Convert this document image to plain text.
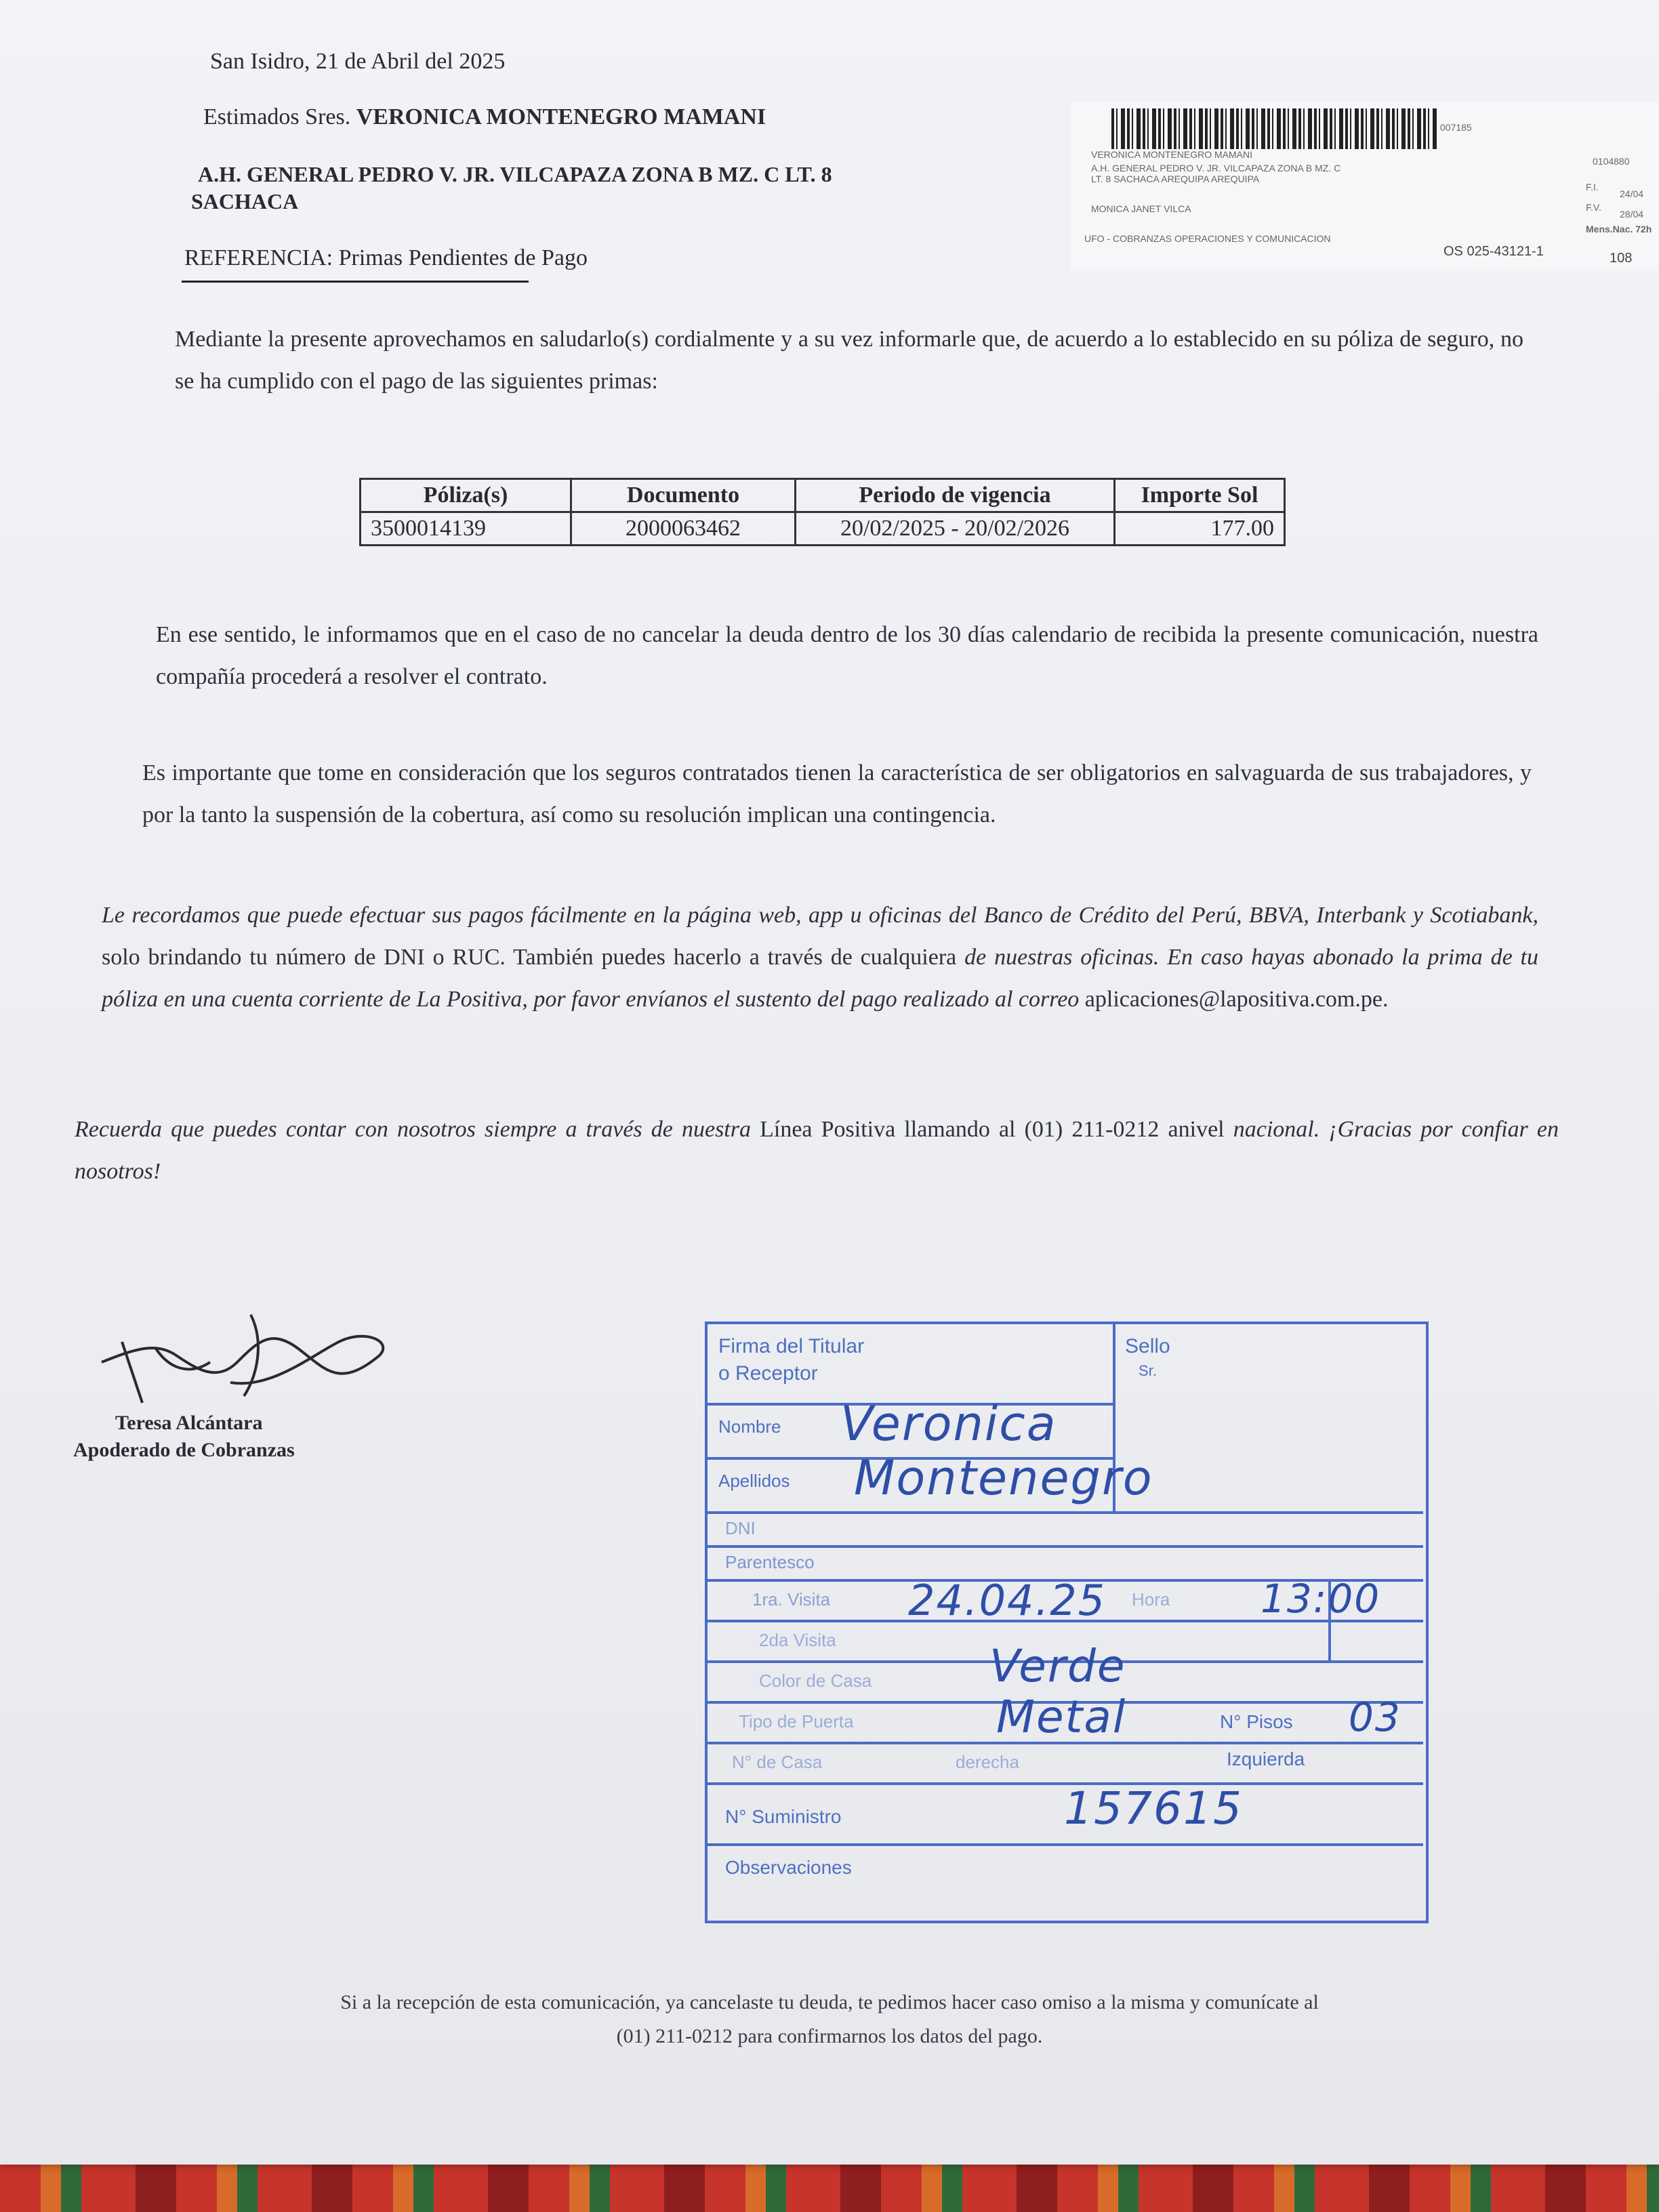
San Isidro, 21 de Abril del 2025
Estimados Sres. VERONICA MONTENEGRO MAMANI
A.H. GENERAL PEDRO V. JR. VILCAPAZA ZONA B MZ. C LT. 8
SACHACA
REFERENCIA: Primas Pendientes de Pago
007185
VERONICA MONTENEGRO MAMANI
0104880
A.H. GENERAL PEDRO V. JR. VILCAPAZA ZONA B MZ. C
LT. 8 SACHACA AREQUIPA AREQUIPA
F.I.
24/04
MONICA JANET VILCA	F.V.
28/04
Mens.Nac. 72h
UFO - COBRANZAS OPERACIONES Y COMUNICACION
OS 025-43121-1	108
Mediante la presente aprovechamos en saludarlo(s) cordialmente y a su vez informarle que, de acuerdo a lo establecido en su póliza de seguro, no se ha cumplido con el pago de las siguientes primas:
Póliza(s)	Documento	Periodo de vigencia	Importe Sol
3500014139	2000063462	20/02/2025 - 20/02/2026	177.00
En ese sentido, le informamos que en el caso de no cancelar la deuda dentro de los 30 días calendario de recibida la presente comunicación, nuestra compañía procederá a resolver el contrato.
Es importante que tome en consideración que los seguros contratados tienen la característica de ser obligatorios en salvaguarda de sus trabajadores, y por la tanto la suspensión de la cobertura, así como su resolución implican una contingencia.
Le recordamos que puede efectuar sus pagos fácilmente en la página web, app u oficinas del Banco de Crédito del Perú, BBVA, Interbank y Scotiabank, solo brindando tu número de DNI o RUC. También puedes hacerlo a través de cualquiera de nuestras oficinas. En caso hayas abonado la prima de tu póliza en una cuenta corriente de La Positiva, por favor envíanos el sustento del pago realizado al correo aplicaciones@lapositiva.com.pe.
Recuerda que puedes contar con nosotros siempre a través de nuestra Línea Positiva llamando al (01) 211-0212 anivel nacional. ¡Gracias por confiar en nosotros!
Teresa Alcántara
Apoderado de Cobranzas
Firma del Titular
o Receptor
Sello
Sr.
Nombre Veronica
Apellidos Montenegro
DNI
Parentesco
1ra. Visita 24.04.25 Hora 13:00
2da Visita
Color de Casa	Verde
Tipo de Puerta	Metal	N° Pisos 03
N° de Casa	derecha	Izquierda
N° Suministro	157615
Observaciones
Si a la recepción de esta comunicación, ya cancelaste tu deuda, te pedimos hacer caso omiso a la misma y comunícate al
(01) 211-0212 para confirmarnos los datos del pago.
